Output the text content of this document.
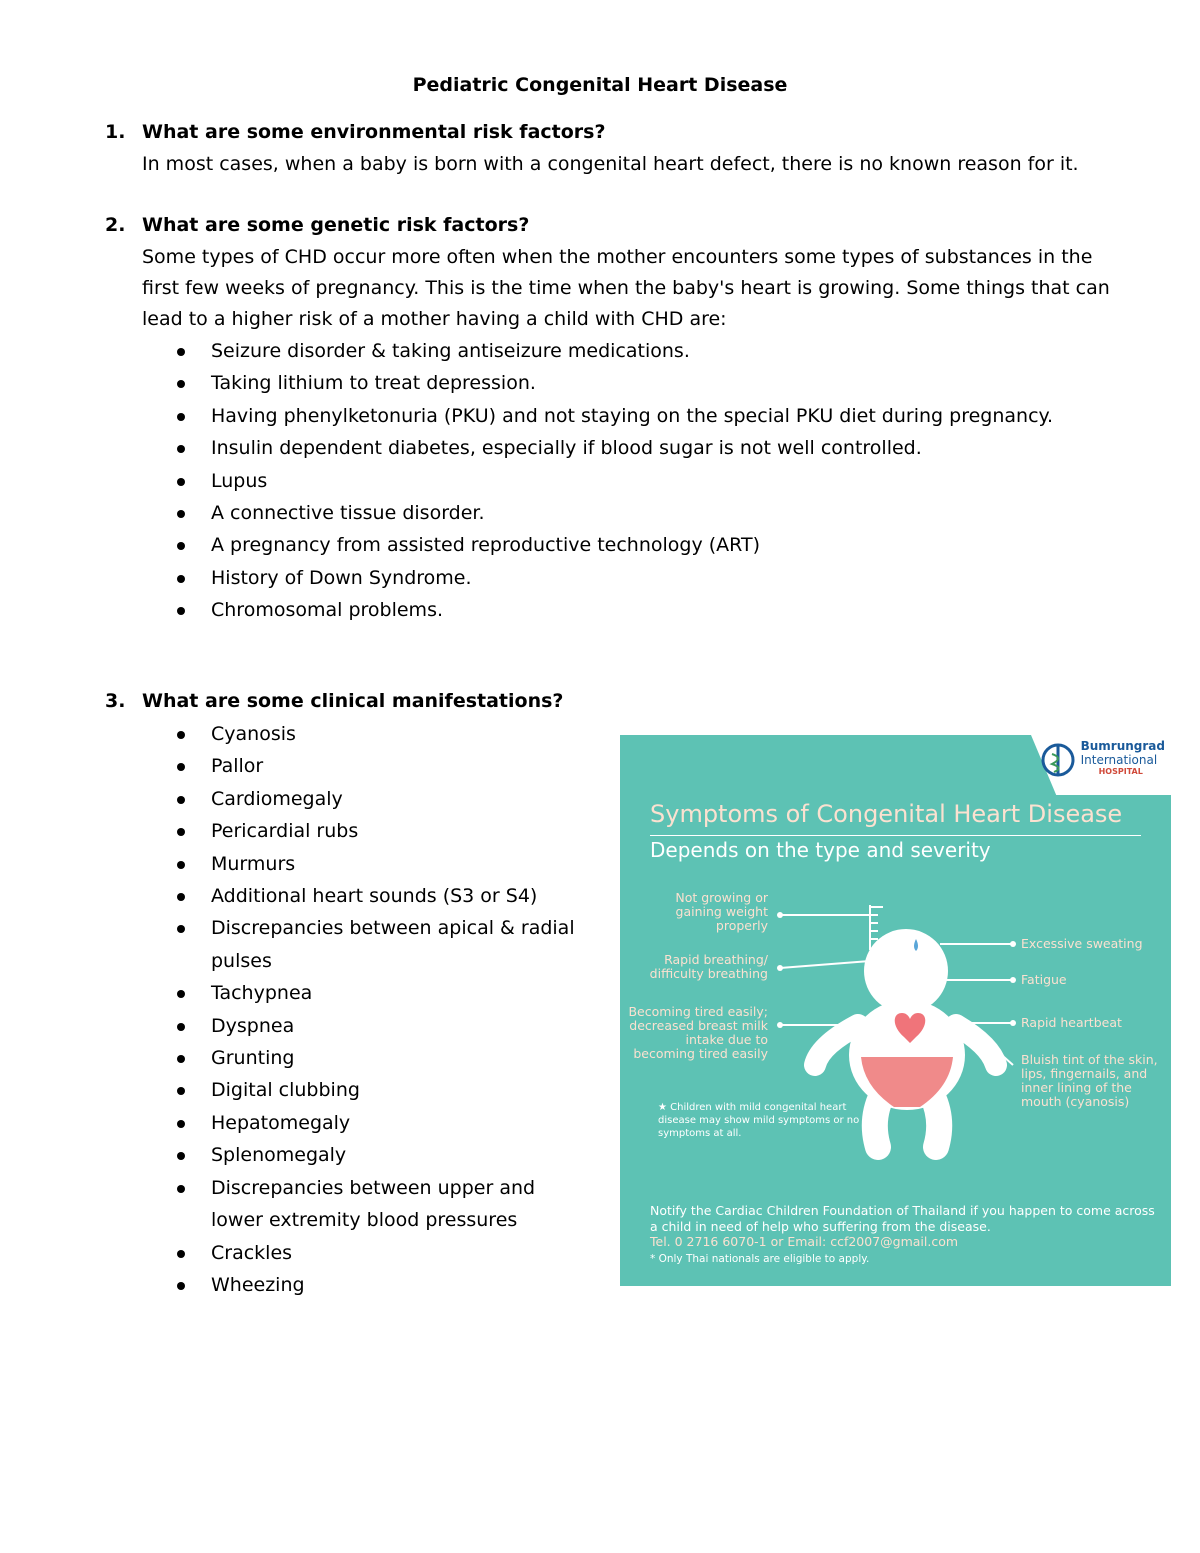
Pediatric Congenital Heart Disease
1. What are some environmental risk factors?
In most cases, when a baby is born with a congenital heart defect, there is no known reason for it.
2. What are some genetic risk factors?
Some types of CHD occur more often when the mother encounters some types of substances in the first few weeks of pregnancy. This is the time when the baby's heart is growing. Some things that can lead to a higher risk of a mother having a child with CHD are:
Seizure disorder & taking antiseizure medications.
Taking lithium to treat depression.
Having phenylketonuria (PKU) and not staying on the special PKU diet during pregnancy.
Insulin dependent diabetes, especially if blood sugar is not well controlled.
Lupus
A connective tissue disorder.
A pregnancy from assisted reproductive technology (ART)
History of Down Syndrome.
Chromosomal problems.
3. What are some clinical manifestations?
Cyanosis
Pallor
Cardiomegaly
Pericardial rubs
Murmurs
Additional heart sounds (S3 or S4)
Discrepancies between apical & radial pulses
Tachypnea
Dyspnea
Grunting
Digital clubbing
Hepatomegaly
Splenomegaly
Discrepancies between upper and lower extremity blood pressures
Crackles
Wheezing
Bumrungrad
International
HOSPITAL
Symptoms of Congenital Heart Disease
Depends on the type and severity
Not growing or gaining weight properly
Rapid breathing/ difficulty breathing
Becoming tired easily; decreased breast milk intake due to becoming tired easily
Excessive sweating
Fatigue
Rapid heartbeat
Bluish tint of the skin, lips, fingernails, and inner lining of the mouth (cyanosis)
★ Children with mild congenital heart disease may show mild symptoms or no symptoms at all.
Notify the Cardiac Children Foundation of Thailand if you happen to come across a child in need of help who suffering from the disease.
Tel. 0 2716 6070-1 or Email: ccf2007@gmail.com
* Only Thai nationals are eligible to apply.
